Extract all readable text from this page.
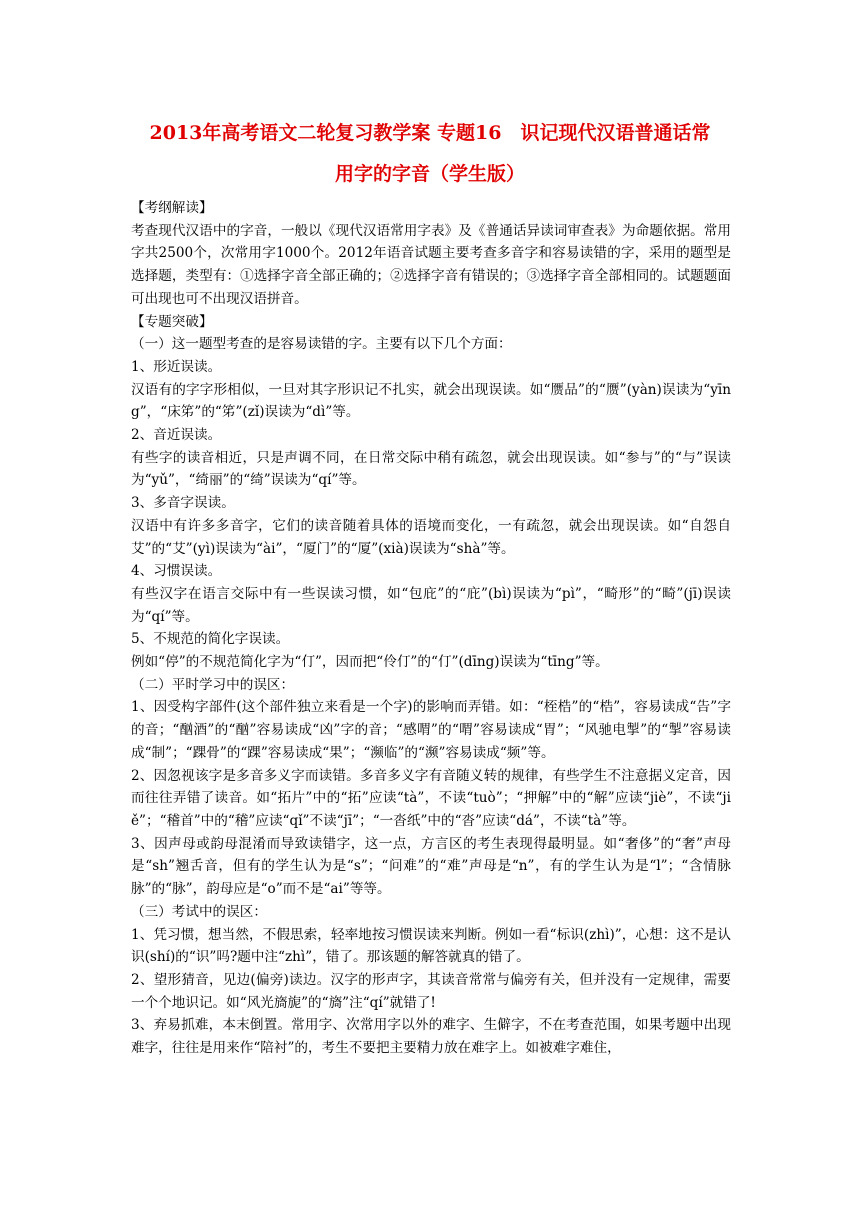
2013年高考语文二轮复习教学案 专题16　识记现代汉语普通话常
用字的字音（学生版）

【考纲解读】

考查现代汉语中的字音，一般以《现代汉语常用字表》及《普通话异读词审查表》为命题依据。常用字共2500个，次常用字1000个。2012年语音试题主要考查多音字和容易读错的字，采用的题型是选择题，类型有：①选择字音全部正确的；②选择字音有错误的；③选择字音全部相同的。试题题面可出现也可不出现汉语拼音。

【专题突破】

（一）这一题型考查的是容易读错的字。主要有以下几个方面：

1、形近误读。

汉语有的字字形相似，一旦对其字形识记不扎实，就会出现误读。如“赝品”的“赝”(yàn)误读为“yīng”，“床笫”的“笫”(zǐ)误读为“dì”等。

2、音近误读。

有些字的读音相近，只是声调不同，在日常交际中稍有疏忽，就会出现误读。如“参与”的“与”误读为“yǔ”，“绮丽”的“绮”误读为“qí”等。

3、多音字误读。

汉语中有许多多音字，它们的读音随着具体的语境而变化，一有疏忽，就会出现误读。如“自怨自艾”的“艾”(yì)误读为“ài”，“厦门”的“厦”(xià)误读为“shà”等。

4、习惯误读。

有些汉字在语言交际中有一些误读习惯，如“包庇”的“庇”(bì)误读为“pì”，“畸形”的“畸”(jī)误读为“qí”等。

5、不规范的简化字误读。

例如“停”的不规范简化字为“仃”，因而把“伶仃”的“仃”(dīng)误读为“tīng”等。

（二）平时学习中的误区：

1、因受构字部件(这个部件独立来看是一个字)的影响而弄错。如：“桎梏”的“梏”，容易读成“告”字的音；“酗酒”的“酗”容易读成“凶”字的音；“感喟”的“喟”容易读成“胃”；“风驰电掣”的“掣”容易读成“制”；“踝骨”的“踝”容易读成“果”；“濒临”的“濒”容易读成“频”等。

2、因忽视该字是多音多义字而读错。多音多义字有音随义转的规律，有些学生不注意据义定音，因而往往弄错了读音。如“拓片”中的“拓”应读“tà”，不读“tuò”；“押解”中的“解”应读“jiè”，不读“jiě”；“稽首”中的“稽”应读“qǐ”不读“jī”；“一沓纸”中的“沓”应读“dá”，不读“tà”等。

3、因声母或韵母混淆而导致读错字，这一点，方言区的考生表现得最明显。如“奢侈”的“奢”声母是“sh”翘舌音，但有的学生认为是“s”；“问难”的“难”声母是“n”，有的学生认为是“l”；“含情脉脉”的“脉”，韵母应是“o”而不是“ai”等等。

（三）考试中的误区：

1、凭习惯，想当然，不假思索，轻率地按习惯误读来判断。例如一看“标识(zhì)”，心想：这不是认识(shí)的“识”吗?题中注“zhì”，错了。那该题的解答就真的错了。

2、望形猜音，见边(偏旁)读边。汉字的形声字，其读音常常与偏旁有关，但并没有一定规律，需要一个个地识记。如“风光旖旎”的“旖”注“qí”就错了!

3、弃易抓难，本末倒置。常用字、次常用字以外的难字、生僻字，不在考查范围，如果考题中出现难字，往往是用来作“陪衬”的，考生不要把主要精力放在难字上。如被难字难住，
